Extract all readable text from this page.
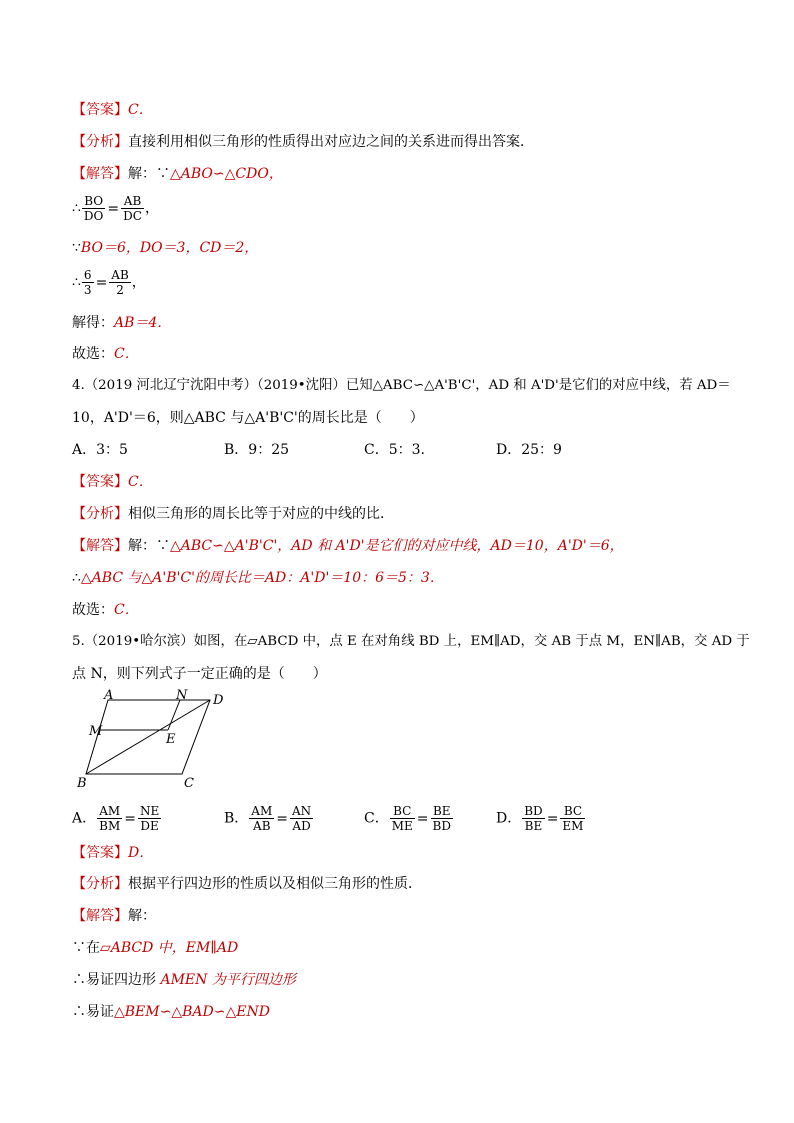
【答案】C．
【分析】直接利用相似三角形的性质得出对应边之间的关系进而得出答案．
【解答】解：∵△ABO∽△CDO，
∴ $\frac{BO}{DO} = \frac{AB}{DC}$ ，
∵BO＝6，DO＝3，CD＝2，
∴ $\frac{6}{3} = \frac{AB}{2}$ ，
解得：AB＝4．
故选：C．
4.（2019 河北辽宁沈阳中考）（2019•沈阳）已知△ABC∽△A'B'C'，AD 和 A'D'是它们的对应中线，若 AD＝
10，A'D'＝6，则△ABC 与△A'B'C'的周长比是（　　）
A．3：5	B．9：25	C．5：3.	D．25：9
【答案】C．
【分析】相似三角形的周长比等于对应的中线的比．
【解答】解：∵△ABC∽△A'B'C'，AD 和 A'D'是它们的对应中线，AD＝10，A'D'＝6，
∴△ABC 与△A'B'C'的周长比＝AD：A'D'＝10：6＝5：3．
故选：C．
5.（2019•哈尔滨）如图，在▱ABCD 中，点 E 在对角线 BD 上，EM∥AD，交 AB 于点 M，EN∥AB，交 AD 于
点 N，则下列式子一定正确的是（　　）
A	N D
M
E
B	C
A． $\frac{AM}{BM} = \frac{NE}{DE}$	B． $\frac{AM}{AB} = \frac{AN}{AD}$	C． $\frac{BC}{ME} = \frac{BE}{BD}$	D． $\frac{BD}{BE} = \frac{BC}{EM}$
【答案】D．
【分析】根据平行四边形的性质以及相似三角形的性质．
【解答】解：
∵在▱ABCD 中，EM∥AD
∴易证四边形 AMEN 为平行四边形
∴易证△BEM∽△BAD∽△END
